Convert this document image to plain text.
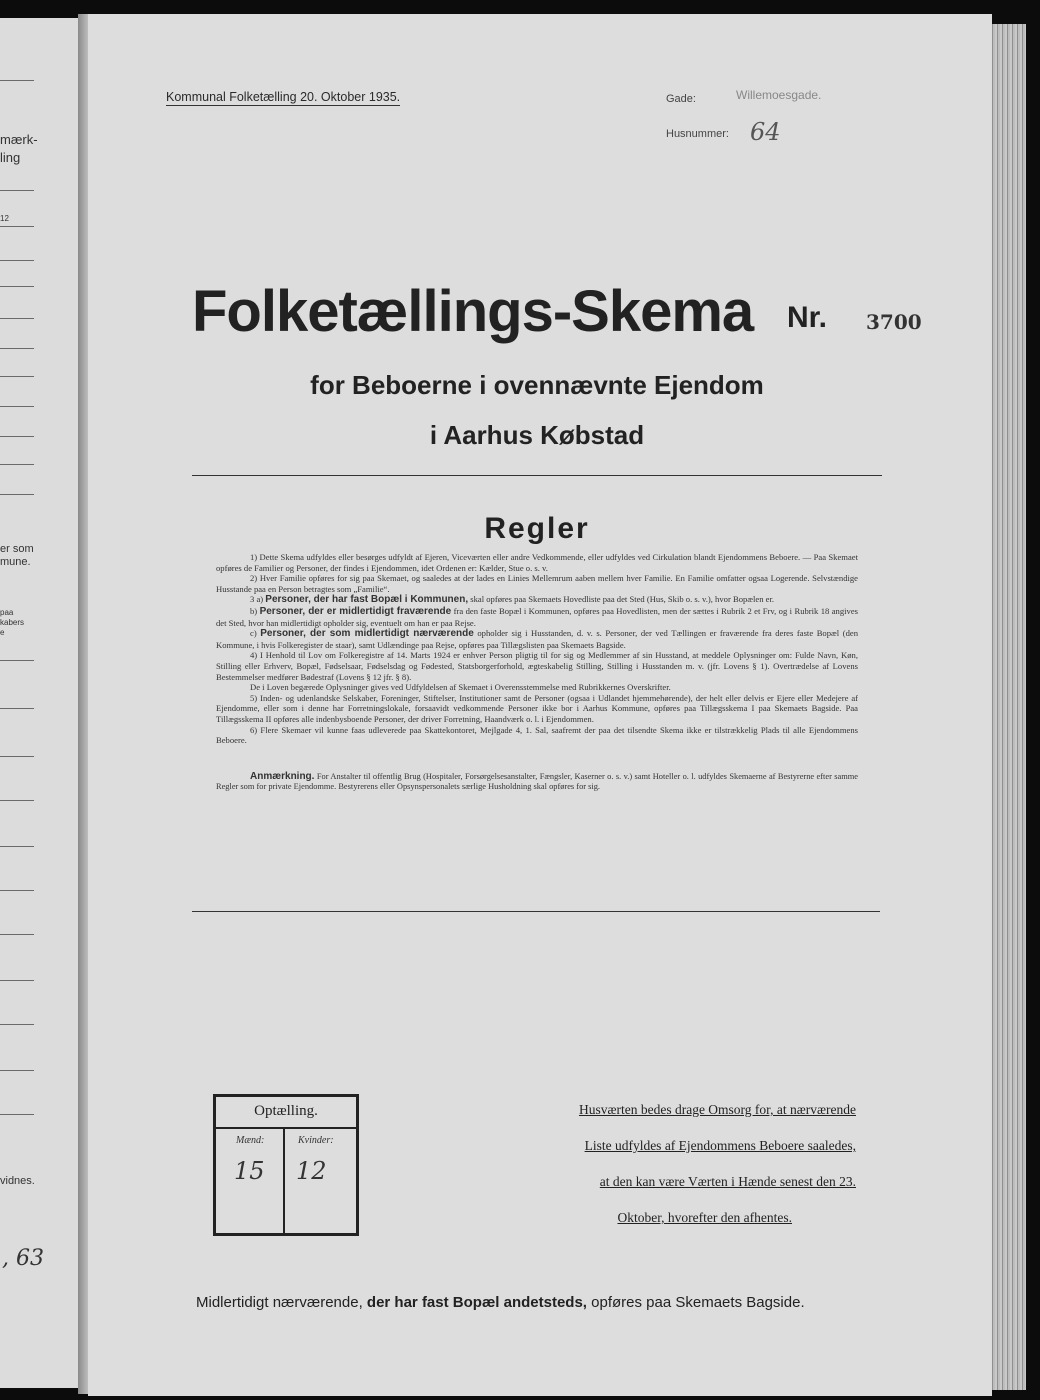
mærk-
ling
12
er som
mune.
paa
kabers
e
vidnes.
, 63
Kommunal Folketælling 20. Oktober 1935.	Gade:	Willemoesgade.
Husnummer: 64
Folketællings-Skema Nr. 3700
for Beboerne i ovennævnte Ejendom
i Aarhus Købstad
Regler

1) Dette Skema udfyldes eller besørges udfyldt af Ejeren, Viceværten eller andre Vedkommende, eller udfyldes ved Cirkulation blandt Ejendommens Beboere. — Paa Skemaet opføres de Familier og Personer, der findes i Ejendommen, idet Ordenen er: Kælder, Stue o. s. v.

2) Hver Familie opføres for sig paa Skemaet, og saaledes at der lades en Linies Mellemrum aaben mellem hver Familie. En Familie omfatter ogsaa Logerende. Selvstændige Husstande paa en Person betragtes som „Familie“.

3 a) Personer, der har fast Bopæl i Kommunen, skal opføres paa Skemaets Hovedliste paa det Sted (Hus, Skib o. s. v.), hvor Bopælen er.

b) Personer, der er midlertidigt fraværende fra den faste Bopæl i Kommunen, opføres paa Hovedlisten, men der sættes i Rubrik 2 et Frv, og i Rubrik 18 angives det Sted, hvor han midlertidigt opholder sig, eventuelt om han er paa Rejse.

c) Personer, der som midlertidigt nærværende opholder sig i Husstanden, d. v. s. Personer, der ved Tællingen er fraværende fra deres faste Bopæl (den Kommune, i hvis Folkeregister de staar), samt Udlændinge paa Rejse, opføres paa Tillægslisten paa Skemaets Bagside.

4) I Henhold til Lov om Folkeregistre af 14. Marts 1924 er enhver Person pligtig til for sig og Medlemmer af sin Husstand, at meddele Oplysninger om: Fulde Navn, Køn, Stilling eller Erhverv, Bopæl, Fødselsaar, Fødselsdag og Fødested, Statsborgerforhold, ægteskabelig Stilling, Stilling i Husstanden m. v. (jfr. Lovens § 1). Overtrædelse af Lovens Bestemmelser medfører Bødestraf (Lovens § 12 jfr. § 8).

De i Loven begærede Oplysninger gives ved Udfyldelsen af Skemaet i Overensstemmelse med Rubrikkernes Overskrifter.

5) Inden- og udenlandske Selskaber, Foreninger, Stiftelser, Institutioner samt de Personer (ogsaa i Udlandet hjemmehørende), der helt eller delvis er Ejere eller Medejere af Ejendomme, eller som i denne har Forretningslokale, forsaavidt vedkommende Personer ikke bor i Aarhus Kommune, opføres paa Tillægsskema I paa Skemaets Bagside. Paa Tillægsskema II opføres alle indenbysboende Personer, der driver Forretning, Haandværk o. l. i Ejendommen.

6) Flere Skemaer vil kunne faas udleverede paa Skattekontoret, Mejlgade 4, 1. Sal, saafremt der paa det tilsendte Skema ikke er tilstrækkelig Plads til alle Ejendommens Beboere.

Anmærkning. For Anstalter til offentlig Brug (Hospitaler, Forsørgelsesanstalter, Fængsler, Kaserner o. s. v.) samt Hoteller o. l. udfyldes Skemaerne af Bestyrerne efter samme Regler som for private Ejendomme. Bestyrerens eller Opsynspersonalets særlige Husholdning skal opføres for sig.

Optælling.
Mænd:	Kvinder:
15 12
Husværten bedes drage Omsorg for, at nærværende
Liste udfyldes af Ejendommens Beboere saaledes,
at den kan være Værten i Hænde senest den 23.
Oktober, hvorefter den afhentes.
Midlertidigt nærværende, der har fast Bopæl andetsteds, opføres paa Skemaets Bagside.
